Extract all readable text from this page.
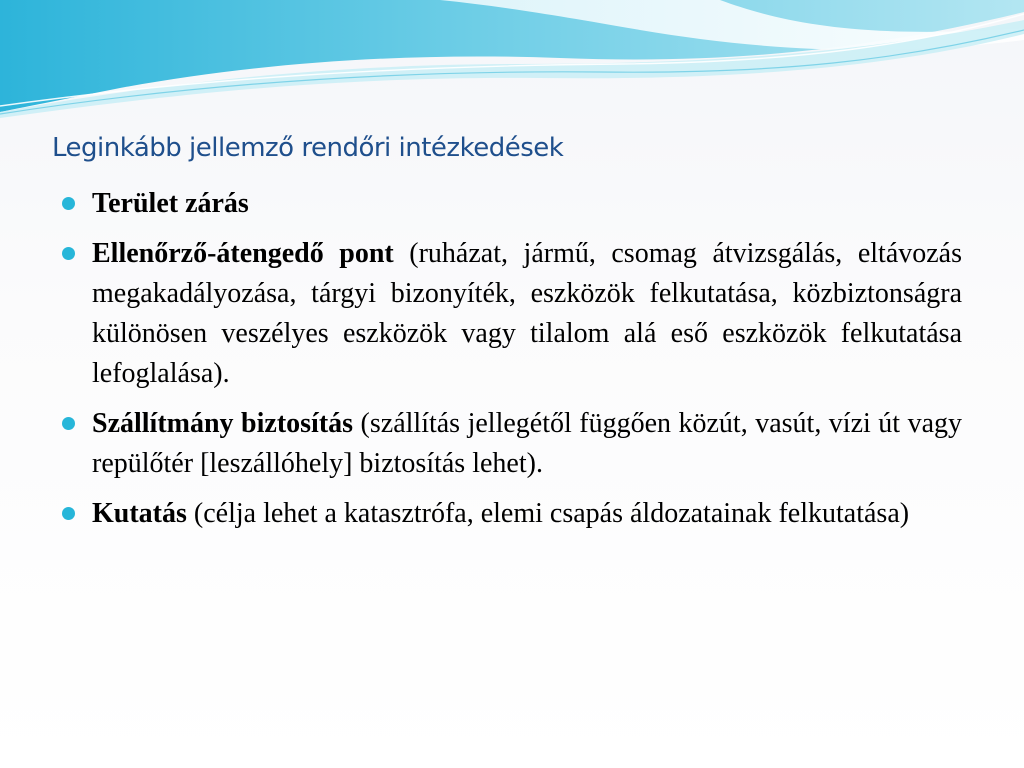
Leginkább jellemző rendőri intézkedések
Terület zárás
Ellenőrző-átengedő pont (ruházat, jármű, csomag átvizsgálás, eltávozás megakadályozása, tárgyi bizonyíték, eszközök felkutatása, közbiztonságra különösen veszélyes eszközök vagy tilalom alá eső eszközök felkutatása lefoglalása).
Szállítmány biztosítás (szállítás jellegétől függően közút, vasút, vízi út vagy repülőtér [leszállóhely] biztosítás lehet).
Kutatás (célja lehet a katasztrófa, elemi csapás áldozatainak felkutatása)
